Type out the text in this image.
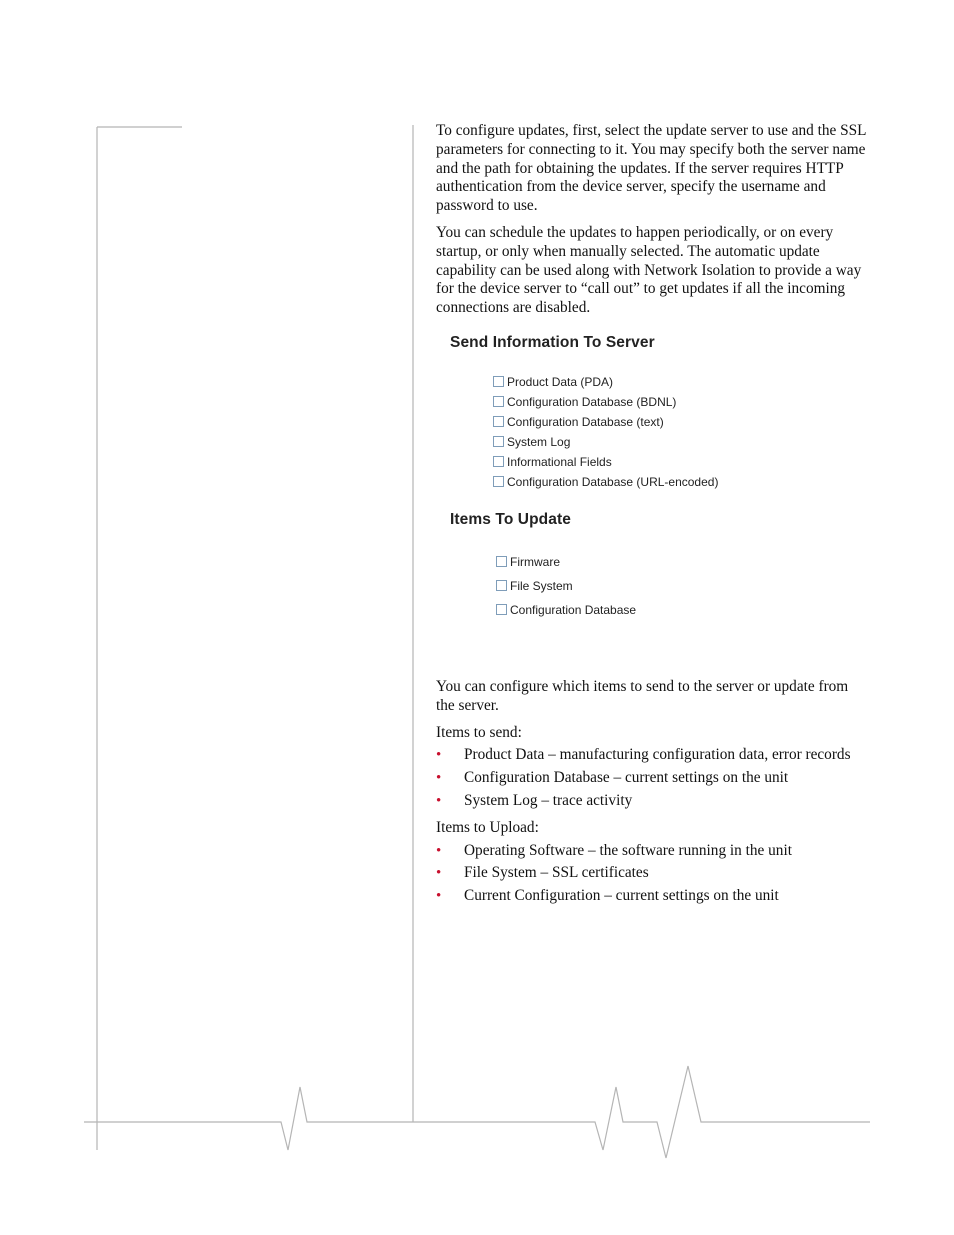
To configure updates, first, select the update server to use and the SSL parameters for connecting to it. You may specify both the server name and the path for obtaining the updates. If the server requires HTTP authentication from the device server, specify the username and password to use.

You can schedule the updates to happen periodically, or on every startup, or only when manually selected. The automatic update capability can be used along with Network Isolation to provide a way for the device server to “call out” to get updates if all the incoming connections are disabled.

Send Information To Server
Product Data (PDA)
Configuration Database (BDNL)
Configuration Database (text)
System Log
Informational Fields
Configuration Database (URL-encoded)
Items To Update
Firmware
File System
Configuration Database

You can configure which items to send to the server or update from the server.

Items to send:

• Product Data – manufacturing configuration data, error records
• Configuration Database – current settings on the unit
• System Log – trace activity

Items to Upload:

• Operating Software – the software running in the unit
• File System – SSL certificates
• Current Configuration – current settings on the unit
